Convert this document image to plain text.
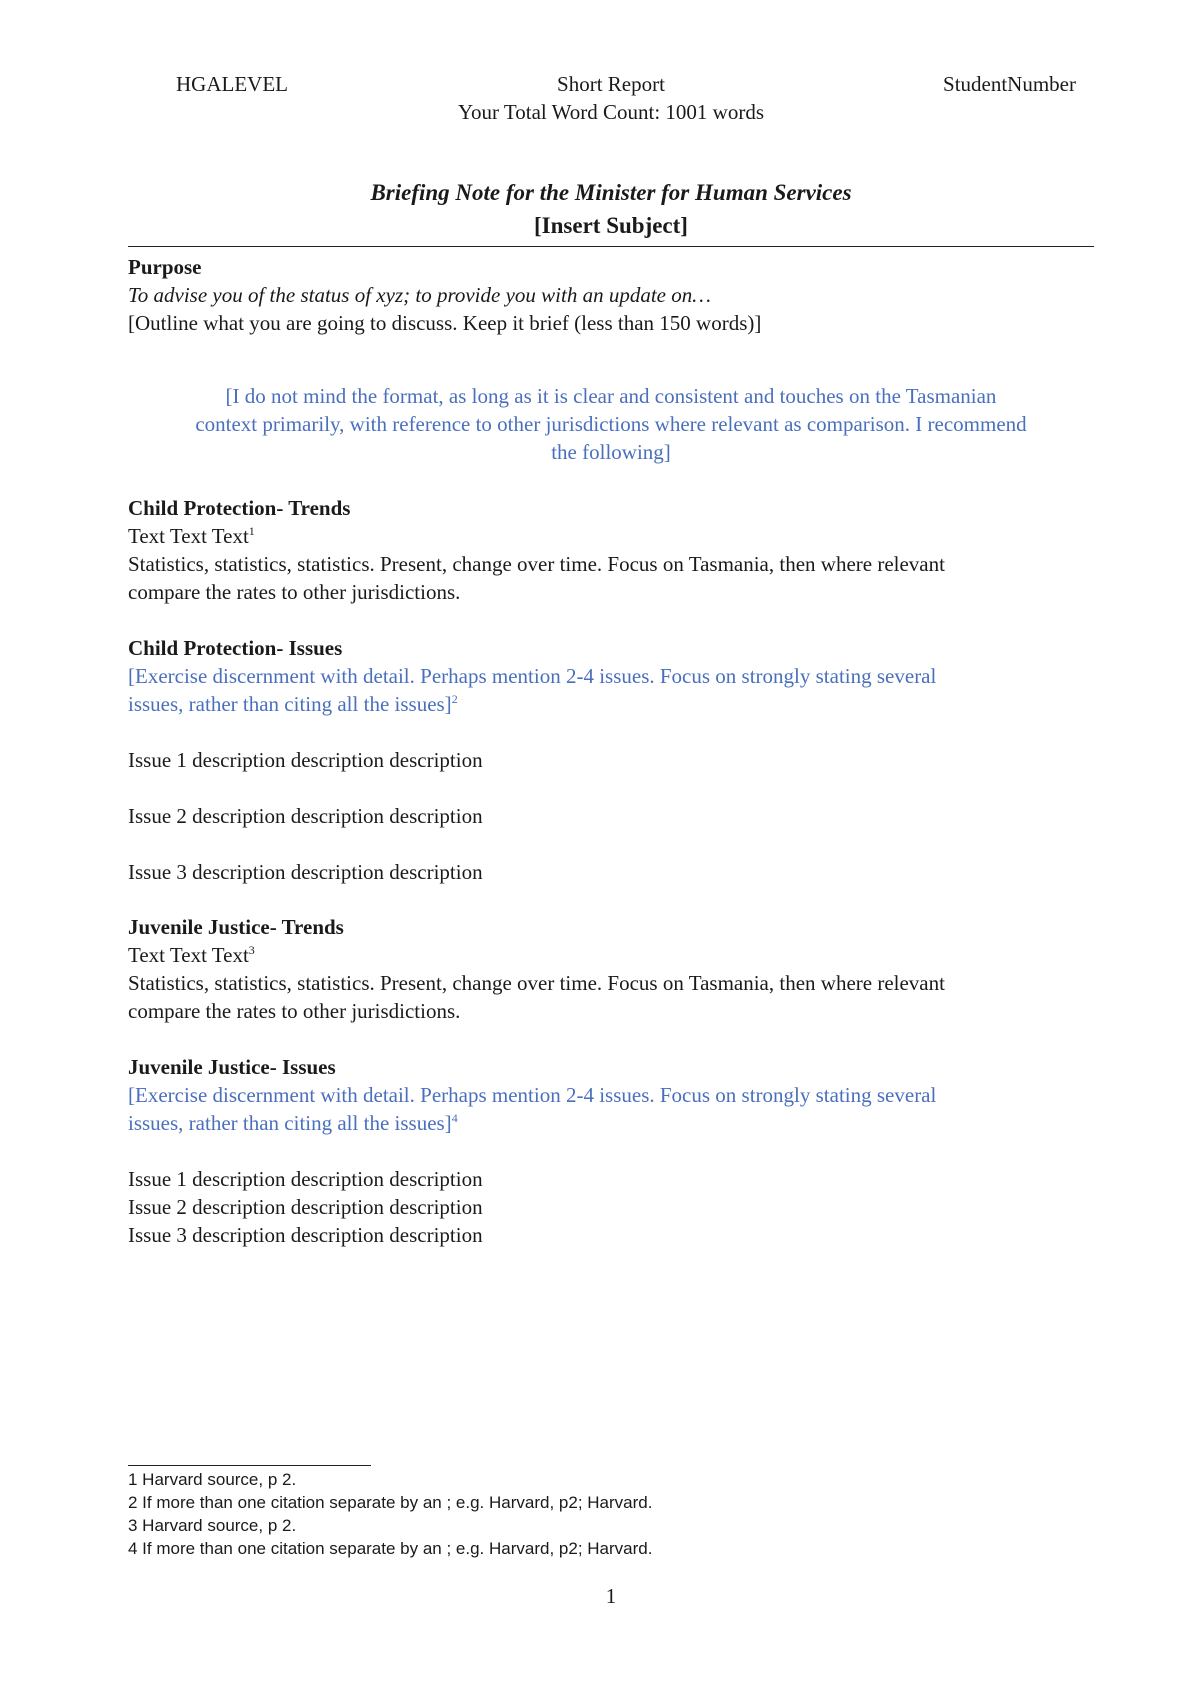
HGALEVEL	Short Report	StudentNumber
Your Total Word Count: 1001 words
Briefing Note for the Minister for Human Services
[Insert Subject]
Purpose
To advise you of the status of xyz; to provide you with an update on…
[Outline what you are going to discuss. Keep it brief (less than 150 words)]
[I do not mind the format, as long as it is clear and consistent and touches on the Tasmanian
context primarily, with reference to other jurisdictions where relevant as comparison. I recommend
the following]
Child Protection- Trends
Text Text Text$^1$
Statistics, statistics, statistics. Present, change over time. Focus on Tasmania, then where relevant
compare the rates to other jurisdictions.
Child Protection- Issues
[Exercise discernment with detail. Perhaps mention 2-4 issues. Focus on strongly stating several
issues, rather than citing all the issues]$^2$
Issue 1 description description description
Issue 2 description description description
Issue 3 description description description
Juvenile Justice- Trends
Text Text Text$^3$
Statistics, statistics, statistics. Present, change over time. Focus on Tasmania, then where relevant
compare the rates to other jurisdictions.
Juvenile Justice- Issues
[Exercise discernment with detail. Perhaps mention 2-4 issues. Focus on strongly stating several
issues, rather than citing all the issues]$^4$
Issue 1 description description description
Issue 2 description description description
Issue 3 description description description
1 Harvard source, p 2.
2 If more than one citation separate by an ; e.g. Harvard, p2; Harvard.
3 Harvard source, p 2.
4 If more than one citation separate by an ; e.g. Harvard, p2; Harvard.
1
